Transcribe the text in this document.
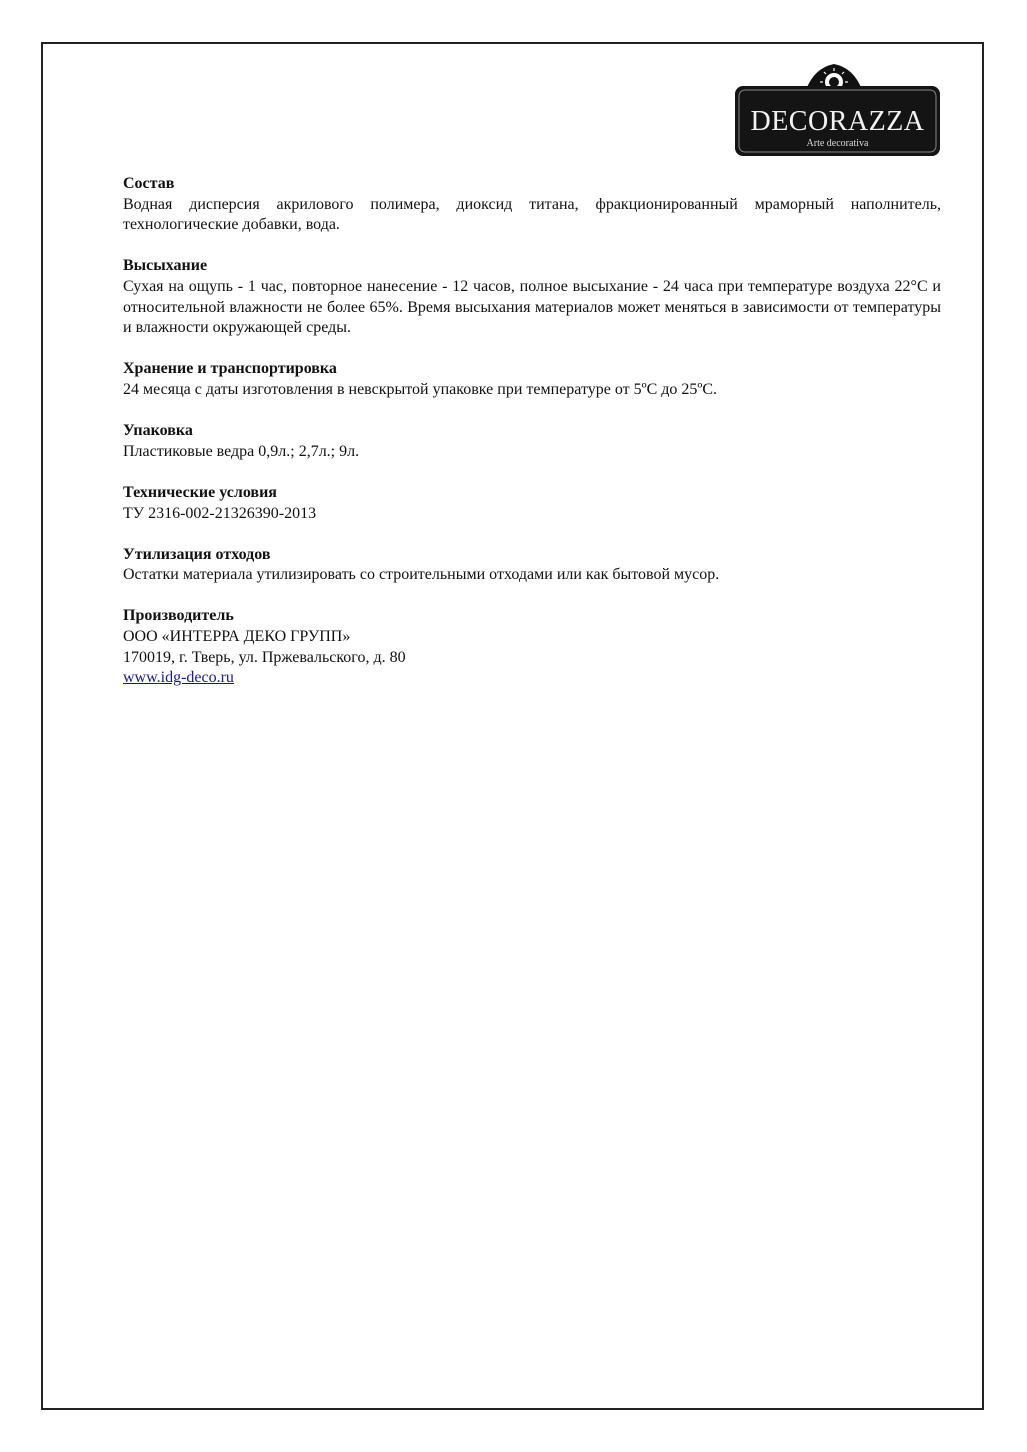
DECORAZZA
Arte decorativa
Состав
Водная дисперсия акрилового полимера, диоксид титана, фракционированный мраморный наполнитель, технологические добавки, вода.
Высыхание
Сухая на ощупь - 1 час, повторное нанесение - 12 часов, полное высыхание - 24 часа при температуре воздуха 22°С и относительной влажности не более 65%. Время высыхания материалов может меняться в зависимости от температуры и влажности окружающей среды.
Хранение и транспортировка
24 месяца с даты изготовления в невскрытой упаковке при температуре от 5ºС до 25ºС.
Упаковка
Пластиковые ведра 0,9л.; 2,7л.; 9л.
Технические условия
ТУ 2316-002-21326390-2013
Утилизация отходов
Остатки материала утилизировать со строительными отходами или как бытовой мусор.
Производитель
ООО «ИНТЕРРА ДЕКО ГРУПП»
170019, г. Тверь, ул. Пржевальского, д. 80
www.idg-deco.ru
